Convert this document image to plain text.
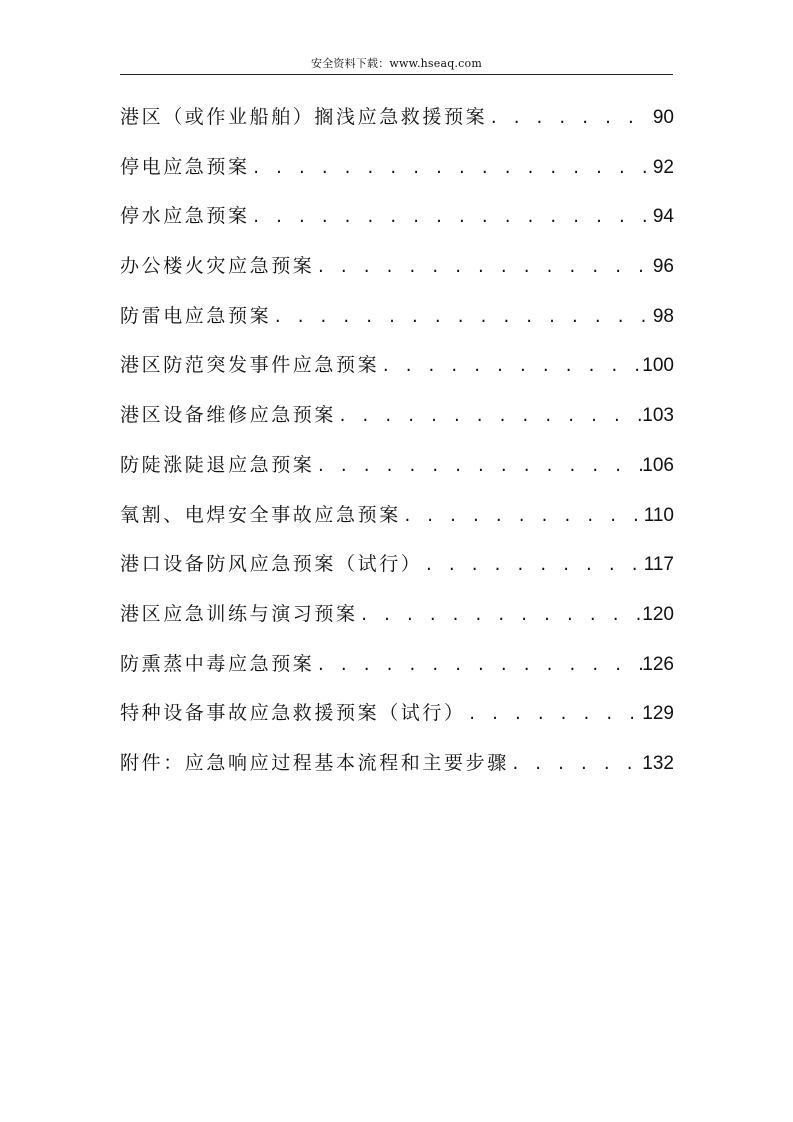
安全资料下载：www.hseaq.com
港区（或作业船舶）搁浅应急救援预案 . . .	90
停电应急预案 . . .	92
停水应急预案 . . .	94
办公楼火灾应急预案 . . .	96
防雷电应急预案 . . .	98
港区防范突发事件应急预案 . . .	100
港区设备维修应急预案 . . .	103
防陡涨陡退应急预案 . . .	106
氧割、电焊安全事故应急预案 . . .	110
港口设备防风应急预案（试行） . . .	117
港区应急训练与演习预案 . . .	120
防熏蒸中毒应急预案 . . .	126
特种设备事故应急救援预案（试行） . . .	129
附件：应急响应过程基本流程和主要步骤 . . .	132
